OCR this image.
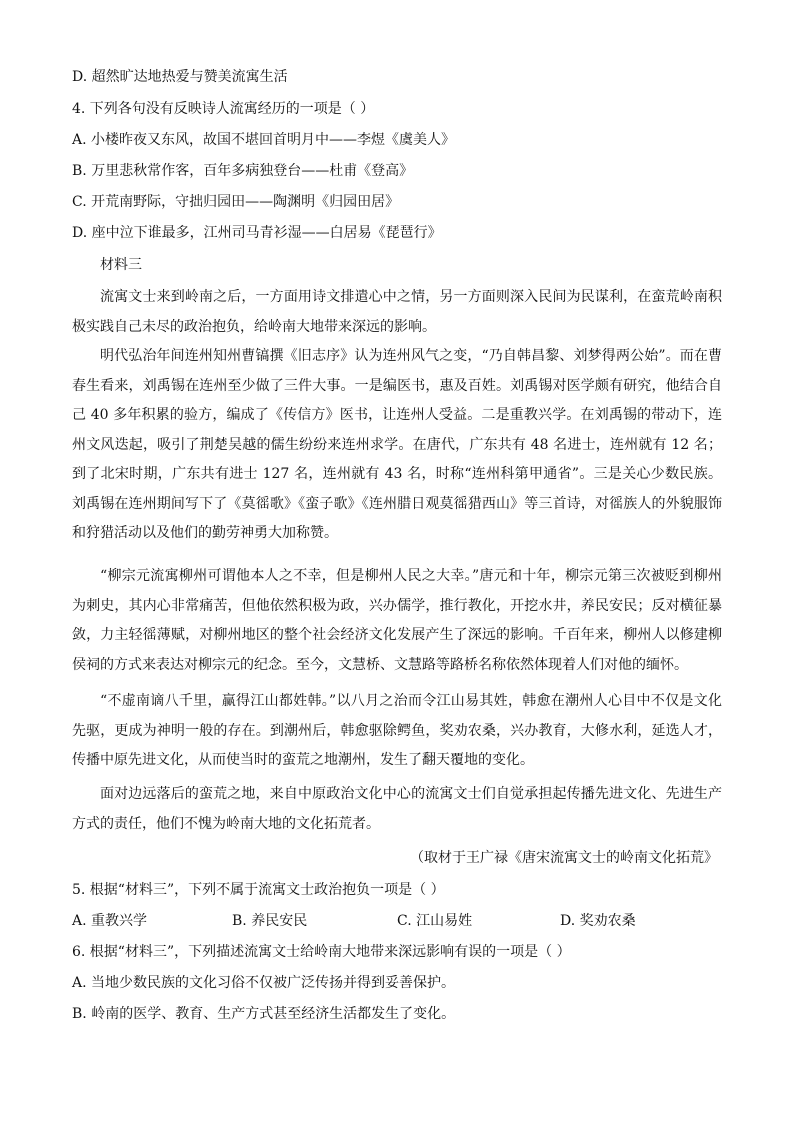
D. 超然旷达地热爱与赞美流寓生活
4. 下列各句没有反映诗人流寓经历的一项是（ ）
A. 小楼昨夜又东风，故国不堪回首明月中——李煜《虞美人》
B. 万里悲秋常作客，百年多病独登台——杜甫《登高》
C. 开荒南野际，守拙归园田——陶渊明《归园田居》
D. 座中泣下谁最多，江州司马青衫湿——白居易《琵琶行》
材料三
流寓文士来到岭南之后，一方面用诗文排遣心中之情，另一方面则深入民间为民谋利，在蛮荒岭南积极实践自己未尽的政治抱负，给岭南大地带来深远的影响。
明代弘治年间连州知州曹镐撰《旧志序》认为连州风气之变，“乃自韩昌黎、刘梦得两公始”。而在曹春生看来，刘禹锡在连州至少做了三件大事。一是编医书，惠及百姓。刘禹锡对医学颇有研究，他结合自己 40 多年积累的验方，编成了《传信方》医书，让连州人受益。二是重教兴学。在刘禹锡的带动下，连州文风迭起，吸引了荆楚吴越的儒生纷纷来连州求学。在唐代，广东共有 48 名进士，连州就有 12 名；到了北宋时期，广东共有进士 127 名，连州就有 43 名，时称“连州科第甲通省”。三是关心少数民族。刘禹锡在连州期间写下了《莫徭歌》《蛮子歌》《连州腊日观莫徭猎西山》等三首诗，对徭族人的外貌服饰和狩猎活动以及他们的勤劳神勇大加称赞。
“柳宗元流寓柳州可谓他本人之不幸，但是柳州人民之大幸。”唐元和十年，柳宗元第三次被贬到柳州为刺史，其内心非常痛苦，但他依然积极为政，兴办儒学，推行教化，开挖水井，养民安民；反对横征暴敛，力主轻徭薄赋，对柳州地区的整个社会经济文化发展产生了深远的影响。千百年来，柳州人以修建柳侯祠的方式来表达对柳宗元的纪念。至今，文慧桥、文慧路等路桥名称依然体现着人们对他的缅怀。
“不虚南谪八千里，赢得江山都姓韩。”以八月之治而令江山易其姓，韩愈在潮州人心目中不仅是文化先驱，更成为神明一般的存在。到潮州后，韩愈驱除鳄鱼，奖劝农桑，兴办教育，大修水利，延选人才，传播中原先进文化，从而使当时的蛮荒之地潮州，发生了翻天覆地的变化。
面对边远落后的蛮荒之地，来自中原政治文化中心的流寓文士们自觉承担起传播先进文化、先进生产方式的责任，他们不愧为岭南大地的文化拓荒者。
（取材于王广禄《唐宋流寓文士的岭南文化拓荒》
5. 根据“材料三”，下列不属于流寓文士政治抱负一项是（ ）
A. 重教兴学	B. 养民安民	C. 江山易姓	D. 奖劝农桑
6. 根据“材料三”，下列描述流寓文士给岭南大地带来深远影响有误的一项是（ ）
A. 当地少数民族的文化习俗不仅被广泛传扬并得到妥善保护。
B. 岭南的医学、教育、生产方式甚至经济生活都发生了变化。
